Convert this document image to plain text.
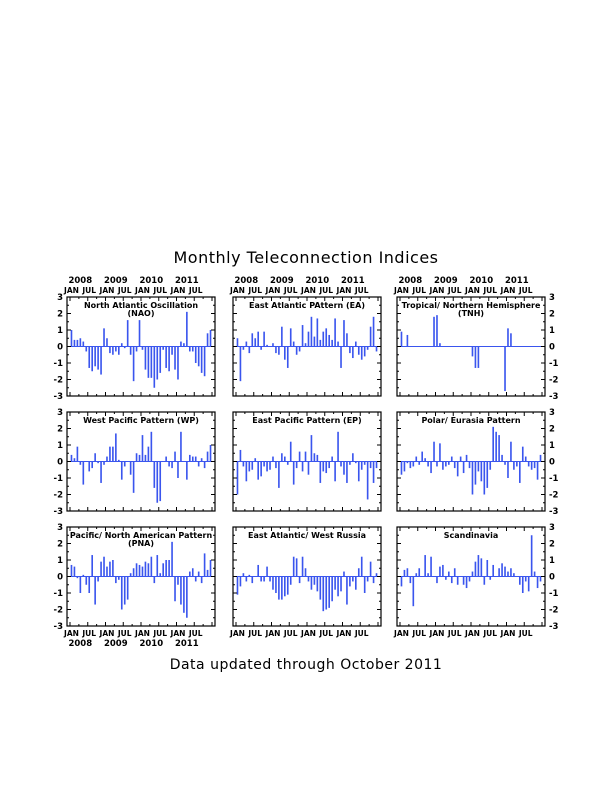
Monthly Teleconnection Indices
Data updated through October 2011
3
2
1
0
-1
-2
-3
JAN JUL JAN JUL JAN JUL JAN JUL
2008 2009 2010 2011
North Atlantic Oscillation
(NAO)
JAN JUL JAN JUL JAN JUL JAN JUL
2008 2009 2010 2011
East Atlantic PAttern (EA)
3
2
1
0
-1
-2
-3
JAN JUL JAN JUL JAN JUL JAN JUL
2008 2009 2010 2011
Tropical/ Northern Hemisphere
(TNH)
3
2
1
0
-1
-2
-3
West Pacific Pattern (WP)	East Pacific Pattern (EP)
3
2
1
0
-1
-2
-3
Polar/ Eurasia Pattern
3
2
1
0
-1
-2
-3
JAN JUL JAN JUL JAN JUL JAN JUL
2008 2009 2010 2011
Pacific/ North American Pattern
(PNA)
JAN JUL JAN JUL JAN JUL JAN JUL
East Atlantic/ West Russia
3
2
1
0
-1
-2
-3
JAN JUL JAN JUL JAN JUL JAN JUL
Scandinavia
